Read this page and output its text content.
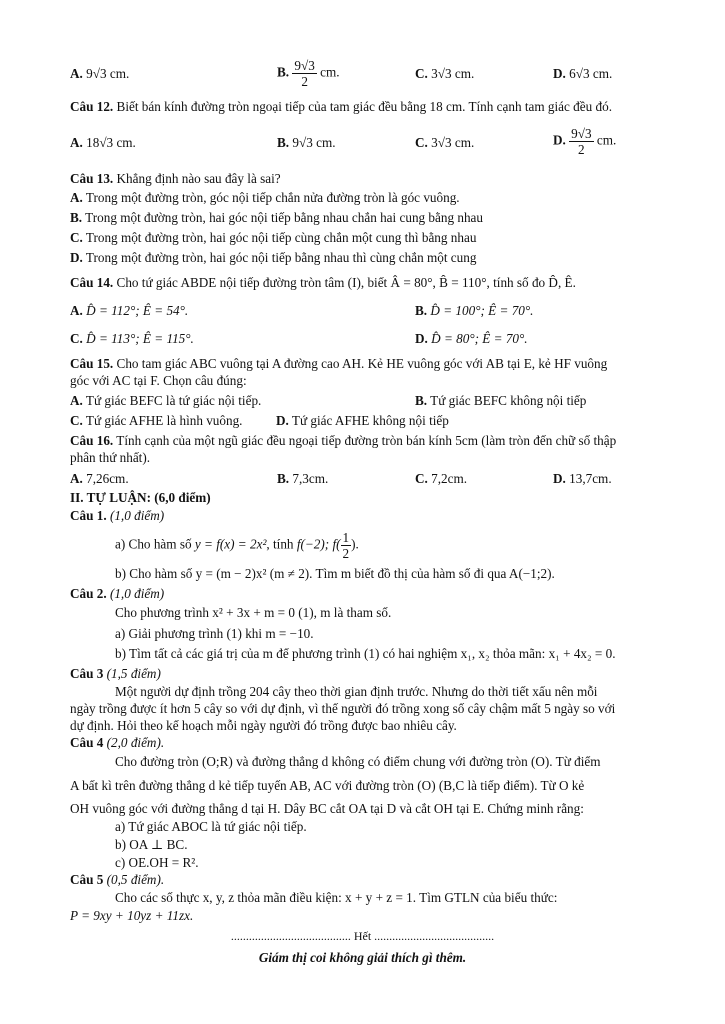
A. 9√3 cm.	B. $\frac{9√3}{2}$ cm.	C. 3√3 cm.	D. 6√3 cm.
Câu 12. Biết bán kính đường tròn ngoại tiếp của tam giác đều bằng 18 cm. Tính cạnh tam giác đều đó.
A. 18√3 cm.	B. 9√3 cm.	C. 3√3 cm.	D. $\frac{9√3}{2}$ cm.
Câu 13. Khẳng định nào sau đây là sai?
A. Trong một đường tròn, góc nội tiếp chắn nửa đường tròn là góc vuông.
B. Trong một đường tròn, hai góc nội tiếp bằng nhau chắn hai cung bằng nhau
C. Trong một đường tròn, hai góc nội tiếp cùng chắn một cung thì bằng nhau
D. Trong một đường tròn, hai góc nội tiếp bằng nhau thì cùng chắn một cung
Câu 14. Cho tứ giác ABDE nội tiếp đường tròn tâm (I), biết Â = 80°, B̂ = 110°, tính số đo D̂, Ê.
A. D̂ = 112°; Ê = 54°.	B. D̂ = 100°; Ê = 70°.
C. D̂ = 113°; Ê = 115°.	D. D̂ = 80°; Ê = 70°.
Câu 15. Cho tam giác ABC vuông tại A đường cao AH. Kẻ HE vuông góc với AB tại E, kẻ HF vuông
góc với AC tại F. Chọn câu đúng:
A. Tứ giác BEFC là tứ giác nội tiếp.	B. Tứ giác BEFC không nội tiếp
C. Tứ giác AFHE là hình vuông.	D. Tứ giác AFHE không nội tiếp
Câu 16. Tính cạnh của một ngũ giác đều ngoại tiếp đường tròn bán kính 5cm (làm tròn đến chữ số thập
phân thứ nhất).
A. 7,26cm.	B. 7,3cm.	C. 7,2cm.	D. 13,7cm.
II. TỰ LUẬN: (6,0 điểm)
Câu 1. (1,0 điểm)
a) Cho hàm số y = f(x) = 2x², tính f(−2); $f( \frac{1}{2}$ ).
b) Cho hàm số y = (m − 2)x² (m ≠ 2). Tìm m biết đồ thị của hàm số đi qua A(−1;2).
Câu 2. (1,0 điểm)
Cho phương trình x² + 3x + m = 0 (1), m là tham số.
a) Giải phương trình (1) khi m = −10.
b) Tìm tất cả các giá trị của m để phương trình (1) có hai nghiệm x₁, x₂ thỏa mãn: x₁ + 4x₂ = 0.
Câu 3 (1,5 điểm)
Một người dự định trồng 204 cây theo thời gian định trước. Nhưng do thời tiết xấu nên mỗi
ngày trồng được ít hơn 5 cây so với dự định, vì thế người đó trồng xong số cây chậm mất 5 ngày so với
dự định. Hỏi theo kế hoạch mỗi ngày người đó trồng được bao nhiêu cây.
Câu 4 (2,0 điểm).
Cho đường tròn (O;R) và đường thẳng d không có điểm chung với đường tròn (O). Từ điểm
A bất kì trên đường thẳng d kẻ tiếp tuyến AB, AC với đường tròn (O) (B,C là tiếp điểm). Từ O kẻ
OH vuông góc với đường thẳng d tại H. Dây BC cắt OA tại D và cắt OH tại E. Chứng minh rằng:
a) Tứ giác ABOC là tứ giác nội tiếp.
b) OA ⊥ BC.
c) OE.OH = R².
Câu 5 (0,5 điểm).
Cho các số thực x, y, z thỏa mãn điều kiện: x + y + z = 1. Tìm GTLN của biểu thức:
P = 9xy + 10yz + 11zx.
........................................ Hết ........................................
Giám thị coi không giải thích gì thêm.
